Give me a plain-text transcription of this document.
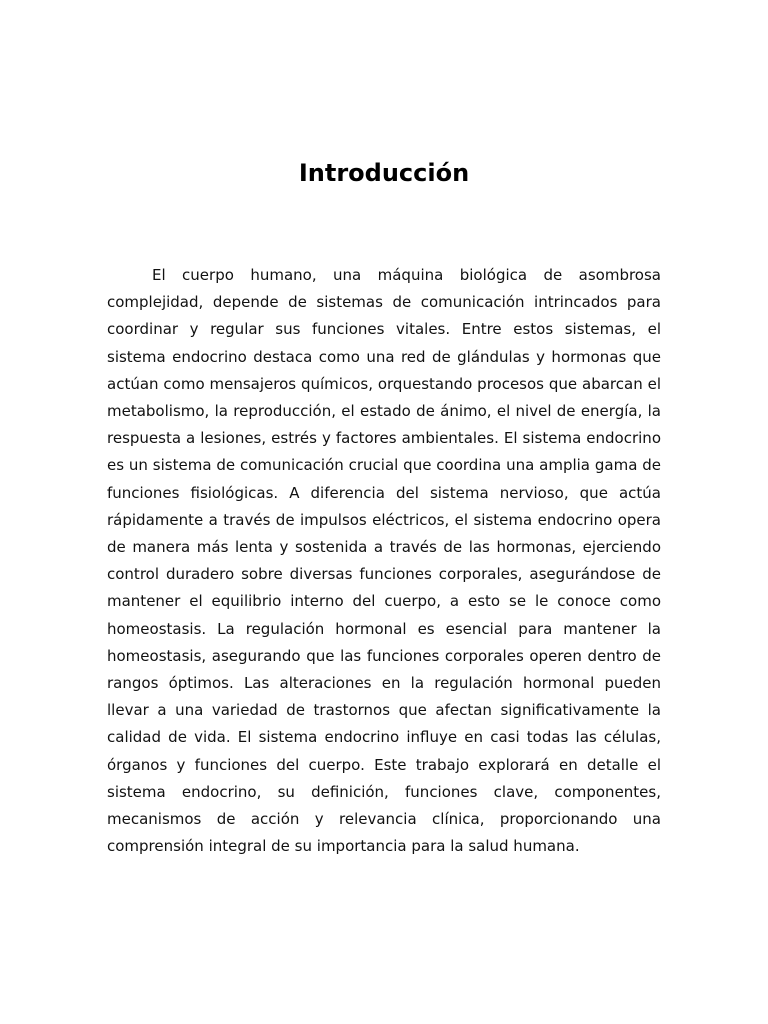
Introducción

El cuerpo humano, una máquina biológica de asombrosa complejidad, depende de sistemas de comunicación intrincados para coordinar y regular sus funciones vitales. Entre estos sistemas, el sistema endocrino destaca como una red de glándulas y hormonas que actúan como mensajeros químicos, orquestando procesos que abarcan el metabolismo, la reproducción, el estado de ánimo, el nivel de energía, la respuesta a lesiones, estrés y factores ambientales. El sistema endocrino es un sistema de comunicación crucial que coordina una amplia gama de funciones fisiológicas. A diferencia del sistema nervioso, que actúa rápidamente a través de impulsos eléctricos, el sistema endocrino opera de manera más lenta y sostenida a través de las hormonas, ejerciendo control duradero sobre diversas funciones corporales, asegurándose de mantener el equilibrio interno del cuerpo, a esto se le conoce como homeostasis. La regulación hormonal es esencial para mantener la homeostasis, asegurando que las funciones corporales operen dentro de rangos óptimos. Las alteraciones en la regulación hormonal pueden llevar a una variedad de trastornos que afectan significativamente la calidad de vida. El sistema endocrino influye en casi todas las células, órganos y funciones del cuerpo. Este trabajo explorará en detalle el sistema endocrino, su definición, funciones clave, componentes, mecanismos de acción y relevancia clínica, proporcionando una comprensión integral de su importancia para la salud humana.
